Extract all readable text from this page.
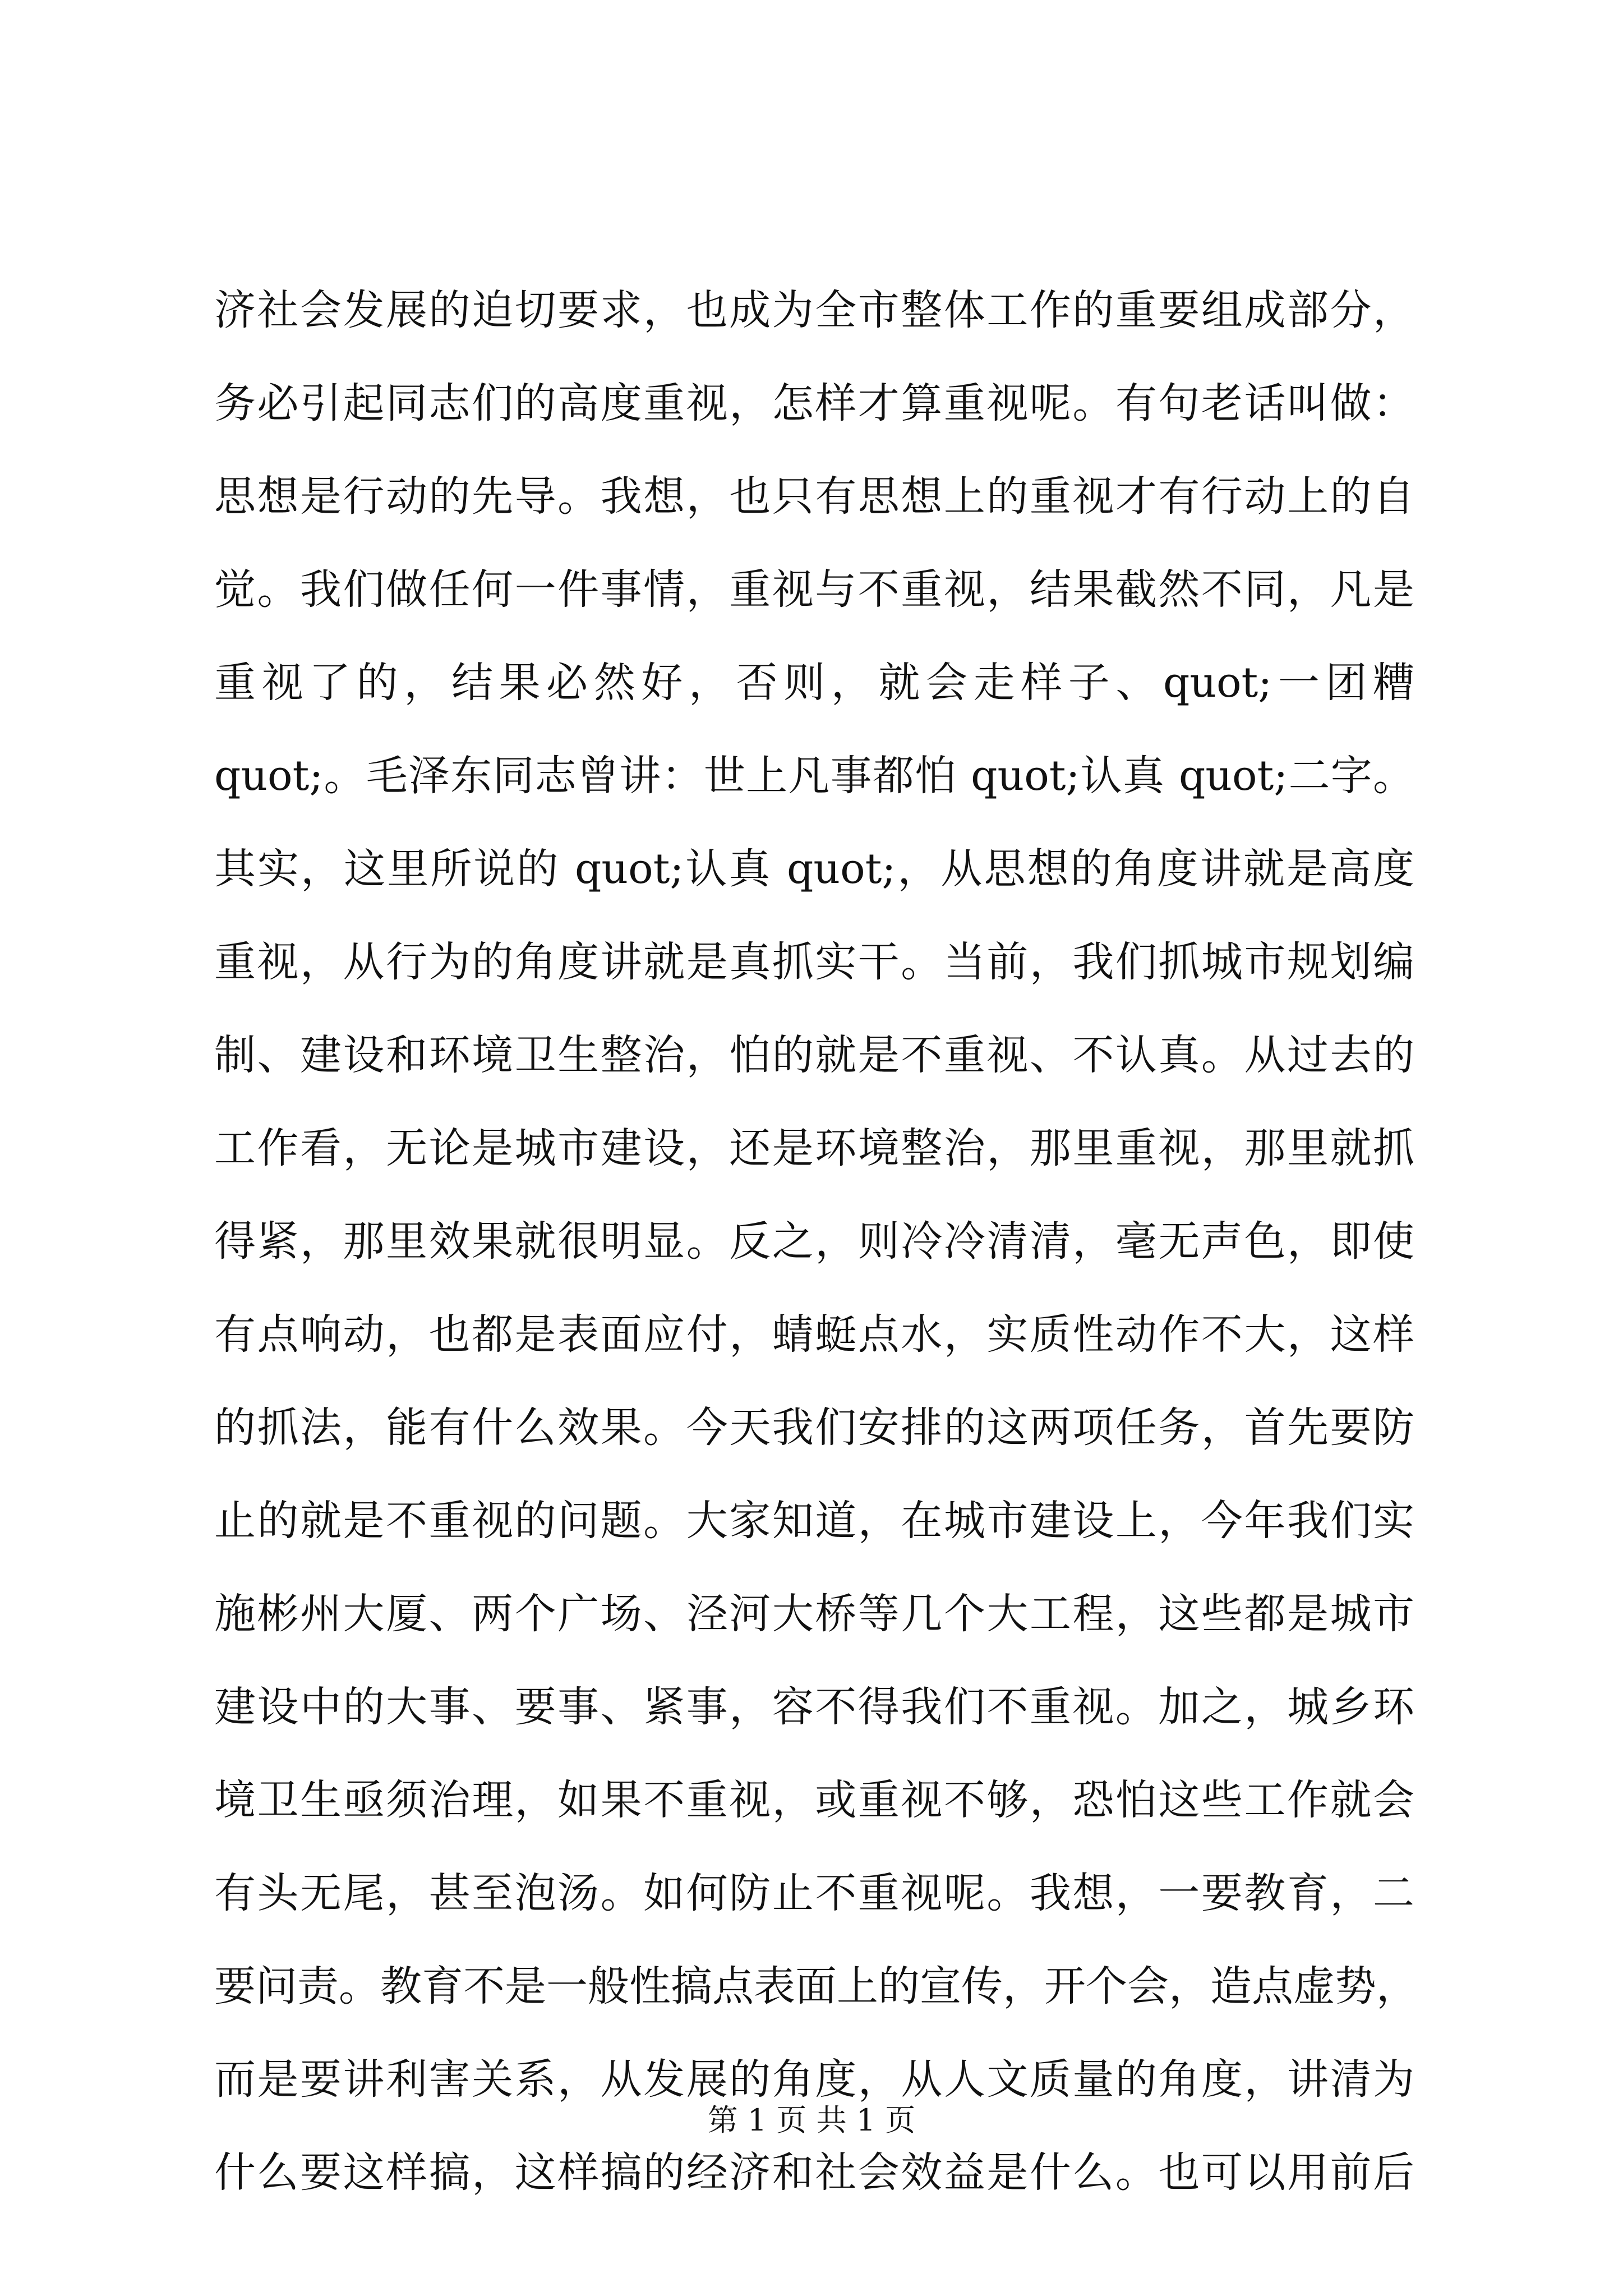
济社会发展的迫切要求，也成为全市整体工作的重要组成部分，
务必引起同志们的高度重视，怎样才算重视呢。有句老话叫做：
思想是行动的先导。我想，也只有思想上的重视才有行动上的自
觉。我们做任何一件事情，重视与不重视，结果截然不同，凡是
重视了的，结果必然好，否则，就会走样子、quot;一团糟
quot;。毛泽东同志曾讲：世上凡事都怕 quot;认真 quot;二字。
其实，这里所说的 quot;认真 quot;，从思想的角度讲就是高度
重视，从行为的角度讲就是真抓实干。当前，我们抓城市规划编
制、建设和环境卫生整治，怕的就是不重视、不认真。从过去的
工作看，无论是城市建设，还是环境整治，那里重视，那里就抓
得紧，那里效果就很明显。反之，则冷冷清清，毫无声色，即使
有点响动，也都是表面应付，蜻蜓点水，实质性动作不大，这样
的抓法，能有什么效果。今天我们安排的这两项任务，首先要防
止的就是不重视的问题。大家知道，在城市建设上，今年我们实
施彬州大厦、两个广场、泾河大桥等几个大工程，这些都是城市
建设中的大事、要事、紧事，容不得我们不重视。加之，城乡环
境卫生亟须治理，如果不重视，或重视不够，恐怕这些工作就会
有头无尾，甚至泡汤。如何防止不重视呢。我想，一要教育，二
要问责。教育不是一般性搞点表面上的宣传，开个会，造点虚势，
而是要讲利害关系，从发展的角度，从人文质量的角度，讲清为
什么要这样搞，这样搞的经济和社会效益是什么。也可以用前后
第 1 页 共 1 页
